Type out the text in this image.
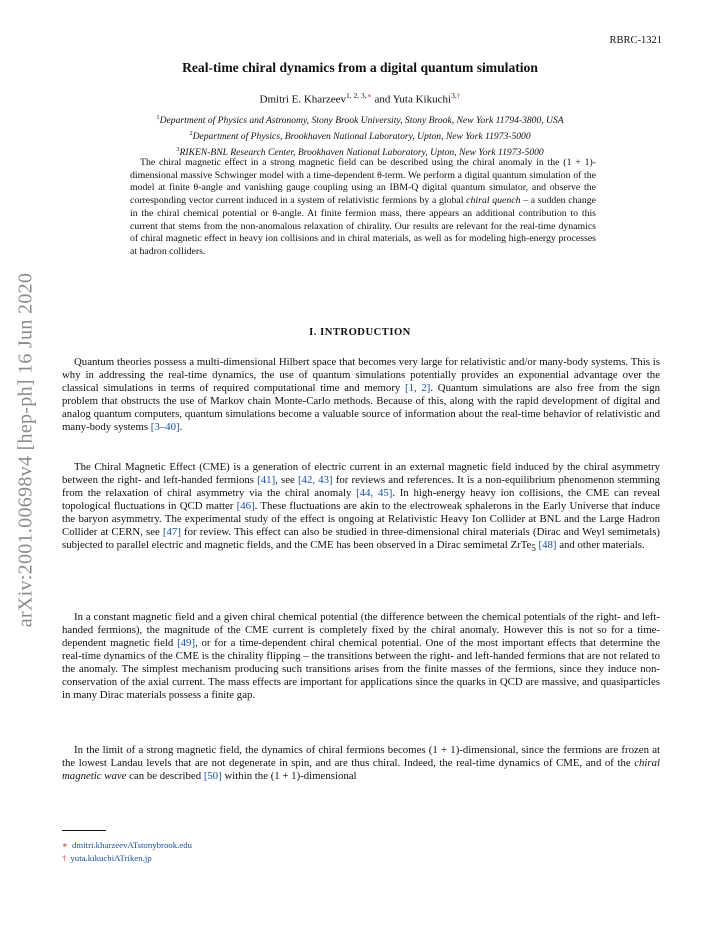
arXiv:2001.00698v4 [hep-ph] 16 Jun 2020
RBRC-1321
Real-time chiral dynamics from a digital quantum simulation
Dmitri E. Kharzeev$^{1, 2, 3,∗}$ and Yuta Kikuchi$^{3,\dagger}$
$^1$Department of Physics and Astronomy, Stony Brook University, Stony Brook, New York 11794-3800, USA
$^2$Department of Physics, Brookhaven National Laboratory, Upton, New York 11973-5000
$^3$RIKEN-BNL Research Center, Brookhaven National Laboratory, Upton, New York 11973-5000

The chiral magnetic effect in a strong magnetic field can be described using the chiral anomaly in the (1 + 1)-dimensional massive Schwinger model with a time-dependent θ-term. We perform a digital quantum simulation of the model at finite θ-angle and vanishing gauge coupling using an IBM-Q digital quantum simulator, and observe the corresponding vector current induced in a system of relativistic fermions by a global chiral quench – a sudden change in the chiral chemical potential or θ-angle. At finite fermion mass, there appears an additional contribution to this current that stems from the non-anomalous relaxation of chirality. Our results are relevant for the real-time dynamics of chiral magnetic effect in heavy ion collisions and in chiral materials, as well as for modeling high-energy processes at hadron colliders.

I. INTRODUCTION

Quantum theories possess a multi-dimensional Hilbert space that becomes very large for relativistic and/or many-body systems. This is why in addressing the real-time dynamics, the use of quantum simulations potentially provides an exponential advantage over the classical simulations in terms of required computational time and memory [1, 2]. Quantum simulations are also free from the sign problem that obstructs the use of Markov chain Monte-Carlo methods. Because of this, along with the rapid development of digital and analog quantum computers, quantum simulations become a valuable source of information about the real-time behavior of relativistic and many-body systems [3–40].

The Chiral Magnetic Effect (CME) is a generation of electric current in an external magnetic field induced by the chiral asymmetry between the right- and left-handed fermions [41], see [42, 43] for reviews and references. It is a non-equilibrium phenomenon stemming from the relaxation of chiral asymmetry via the chiral anomaly [44, 45]. In high-energy heavy ion collisions, the CME can reveal topological fluctuations in QCD matter [46]. These fluctuations are akin to the electroweak sphalerons in the Early Universe that induce the baryon asymmetry. The experimental study of the effect is ongoing at Relativistic Heavy Ion Collider at BNL and the Large Hadron Collider at CERN, see [47] for review. This effect can also be studied in three-dimensional chiral materials (Dirac and Weyl semimetals) subjected to parallel electric and magnetic fields, and the CME has been observed in a Dirac semimetal ZrTe$_5$ [48] and other materials.

In a constant magnetic field and a given chiral chemical potential (the difference between the chemical potentials of the right- and left-handed fermions), the magnitude of the CME current is completely fixed by the chiral anomaly. However this is not so for a time-dependent magnetic field [49], or for a time-dependent chiral chemical potential. One of the most important effects that determine the real-time dynamics of the CME is the chirality flipping – the transitions between the right- and left-handed fermions that are not related to the anomaly. The simplest mechanism producing such transitions arises from the finite masses of the fermions, since they induce non-conservation of the axial current. The mass effects are important for applications since the quarks in QCD are massive, and quasiparticles in many Dirac materials possess a finite gap.

In the limit of a strong magnetic field, the dynamics of chiral fermions becomes (1 + 1)-dimensional, since the fermions are frozen at the lowest Landau levels that are not degenerate in spin, and are thus chiral. Indeed, the real-time dynamics of CME, and of the chiral magnetic wave can be described [50] within the (1 + 1)-dimensional

∗ dmitri.kharzeevATstonybrook.edu
† yuta.kikuchiATriken.jp
